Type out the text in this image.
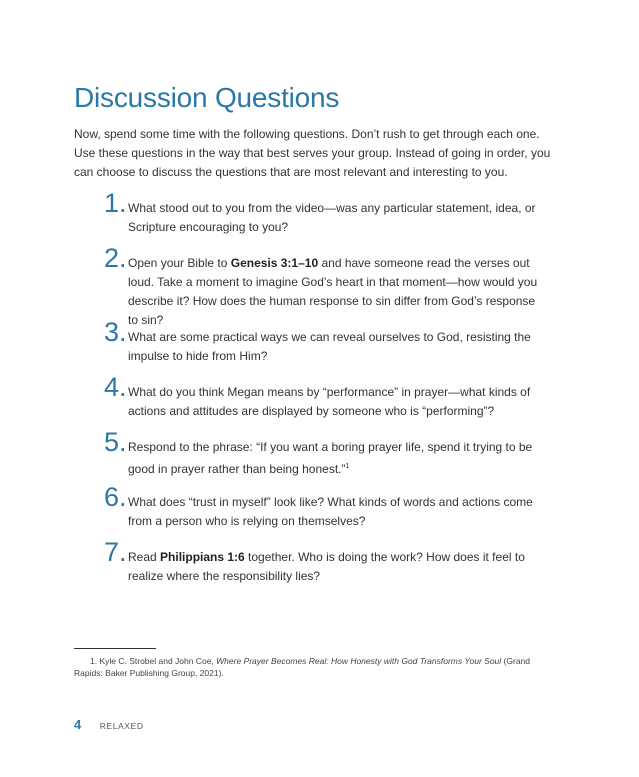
Discussion Questions

Now, spend some time with the following questions. Don’t rush to get through each one. Use these questions in the way that best serves your group. Instead of going in order, you can choose to discuss the questions that are most relevant and interesting to you.

1. What stood out to you from the video—was any particular statement, idea, or Scripture encouraging to you?

2. Open your Bible to Genesis 3:1–10 and have someone read the verses out loud. Take a moment to imagine God’s heart in that moment—how would you describe it? How does the human response to sin differ from God’s response to sin?

3. What are some practical ways we can reveal ourselves to God, resisting the impulse to hide from Him?

4. What do you think Megan means by “performance” in prayer—what kinds of actions and attitudes are displayed by someone who is “performing”?

5. Respond to the phrase: “If you want a boring prayer life, spend it trying to be good in prayer rather than being honest.”$^1$

6. What does “trust in myself” look like? What kinds of words and actions come from a person who is relying on themselves?

7. Read Philippians 1:6 together. Who is doing the work? How does it feel to realize where the responsibility lies?

1. Kyle C. Strobel and John Coe, Where Prayer Becomes Real: How Honesty with God Transforms Your Soul (Grand Rapids: Baker Publishing Group, 2021).

4 RELAXED
